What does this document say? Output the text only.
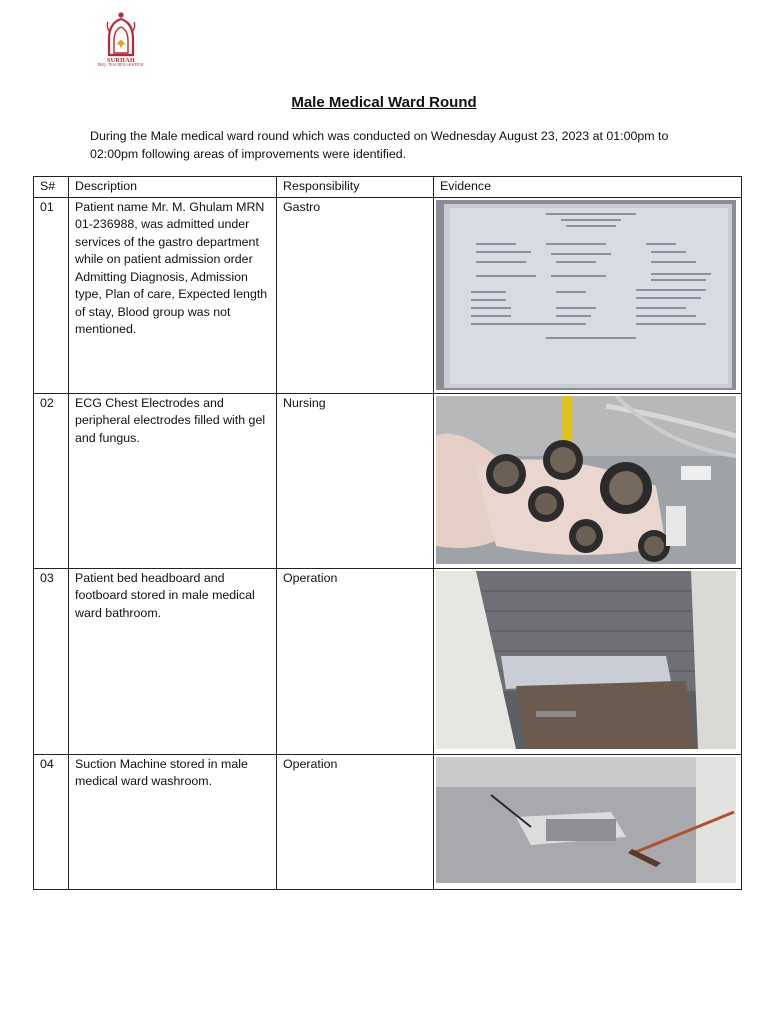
SURHAH
DHQ / TEACHING HOSPITAL
Male Medical Ward Round
During the Male medical ward round which was conducted on Wednesday August 23, 2023 at 01:00pm to 02:00pm following areas of improvements were identified.
S#	Description	Responsibility	Evidence
01	Patient name Mr. M. Ghulam MRN 01-236988, was admitted under services of the gastro department while on patient admission order Admitting Diagnosis, Admission type, Plan of care, Expected length of stay, Blood group was not mentioned.	Gastro	

02	ECG Chest Electrodes and peripheral electrodes filled with gel and fungus.	Nursing	

03	Patient bed headboard and footboard stored in male medical ward bathroom.	Operation	

04	Suction Machine stored in male medical ward washroom.	Operation	
